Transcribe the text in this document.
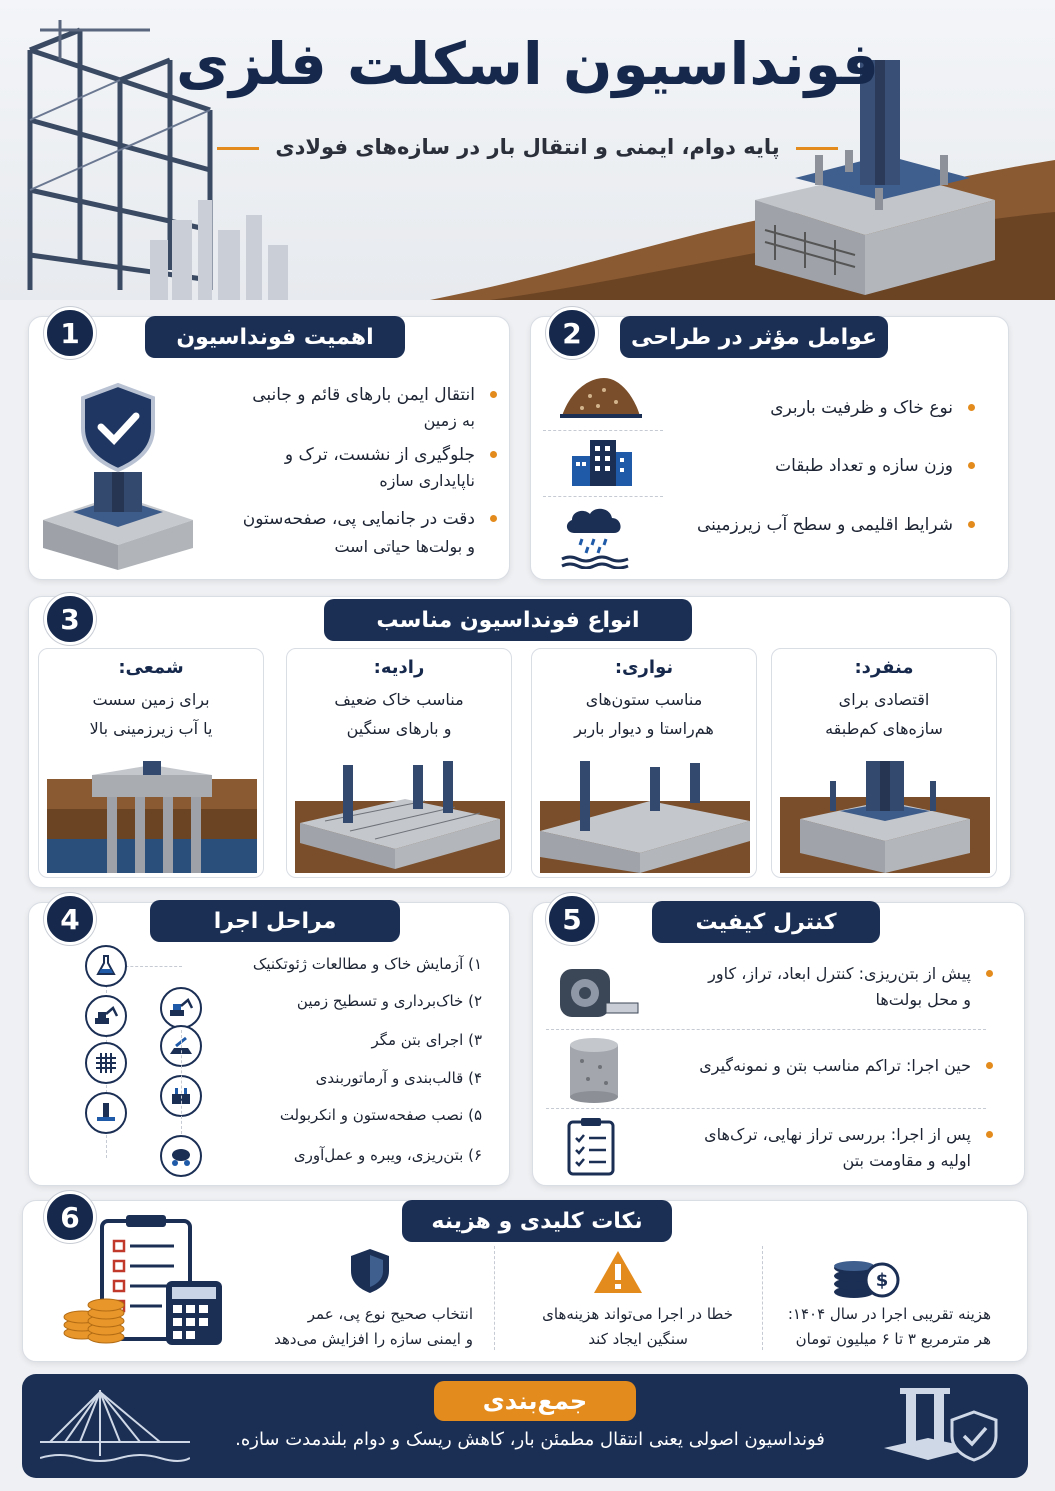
فونداسیون اسکلت فلزی
پایه دوام، ایمنی و انتقال بار در سازه‌های فولادی
1	اهمیت فونداسیون
انتقال ایمن بارهای قائم و جانبی
به زمین
جلوگیری از نشست، ترک و
ناپایداری سازه
دقت در جانمایی پی، صفحه‌ستون
و بولت‌ها حیاتی است
2	عوامل مؤثر در طراحی
نوع خاک و ظرفیت باربری
وزن سازه و تعداد طبقات
شرایط اقلیمی و سطح آب زیرزمینی
3	انواع فونداسیون مناسب
منفرد:
اقتصادی برای
سازه‌های کم‌طبقه
نواری:
مناسب ستون‌های
هم‌راستا و دیوار باربر
رادیه:
مناسب خاک ضعیف
و بارهای سنگین
شمعی:
برای زمین سست
یا آب زیرزمینی بالا
4	مراحل اجرا
۱) آزمایش خاک و مطالعات ژئوتکنیک
۲) خاک‌برداری و تسطیح زمین
۳) اجرای بتن مگر
۴) قالب‌بندی و آرماتوربندی
۵) نصب صفحه‌ستون و انکربولت
۶) بتن‌ریزی، ویبره و عمل‌آوری
5	کنترل کیفیت
پیش از بتن‌ریزی: کنترل ابعاد، تراز، کاور
و محل بولت‌ها
حین اجرا: تراکم مناسب بتن و نمونه‌گیری
پس از اجرا: بررسی تراز نهایی، ترک‌های
اولیه و مقاومت بتن
6	نکات کلیدی و هزینه
$
هزینه تقریبی اجرا در سال ۱۴۰۴:
هر مترمربع ۳ تا ۶ میلیون تومان
خطا در اجرا می‌تواند هزینه‌های
سنگین ایجاد کند
انتخاب صحیح نوع پی، عمر
و ایمنی سازه را افزایش می‌دهد
جمع‌بندی
فونداسیون اصولی یعنی انتقال مطمئن بار، کاهش ریسک و دوام بلندمدت سازه.
